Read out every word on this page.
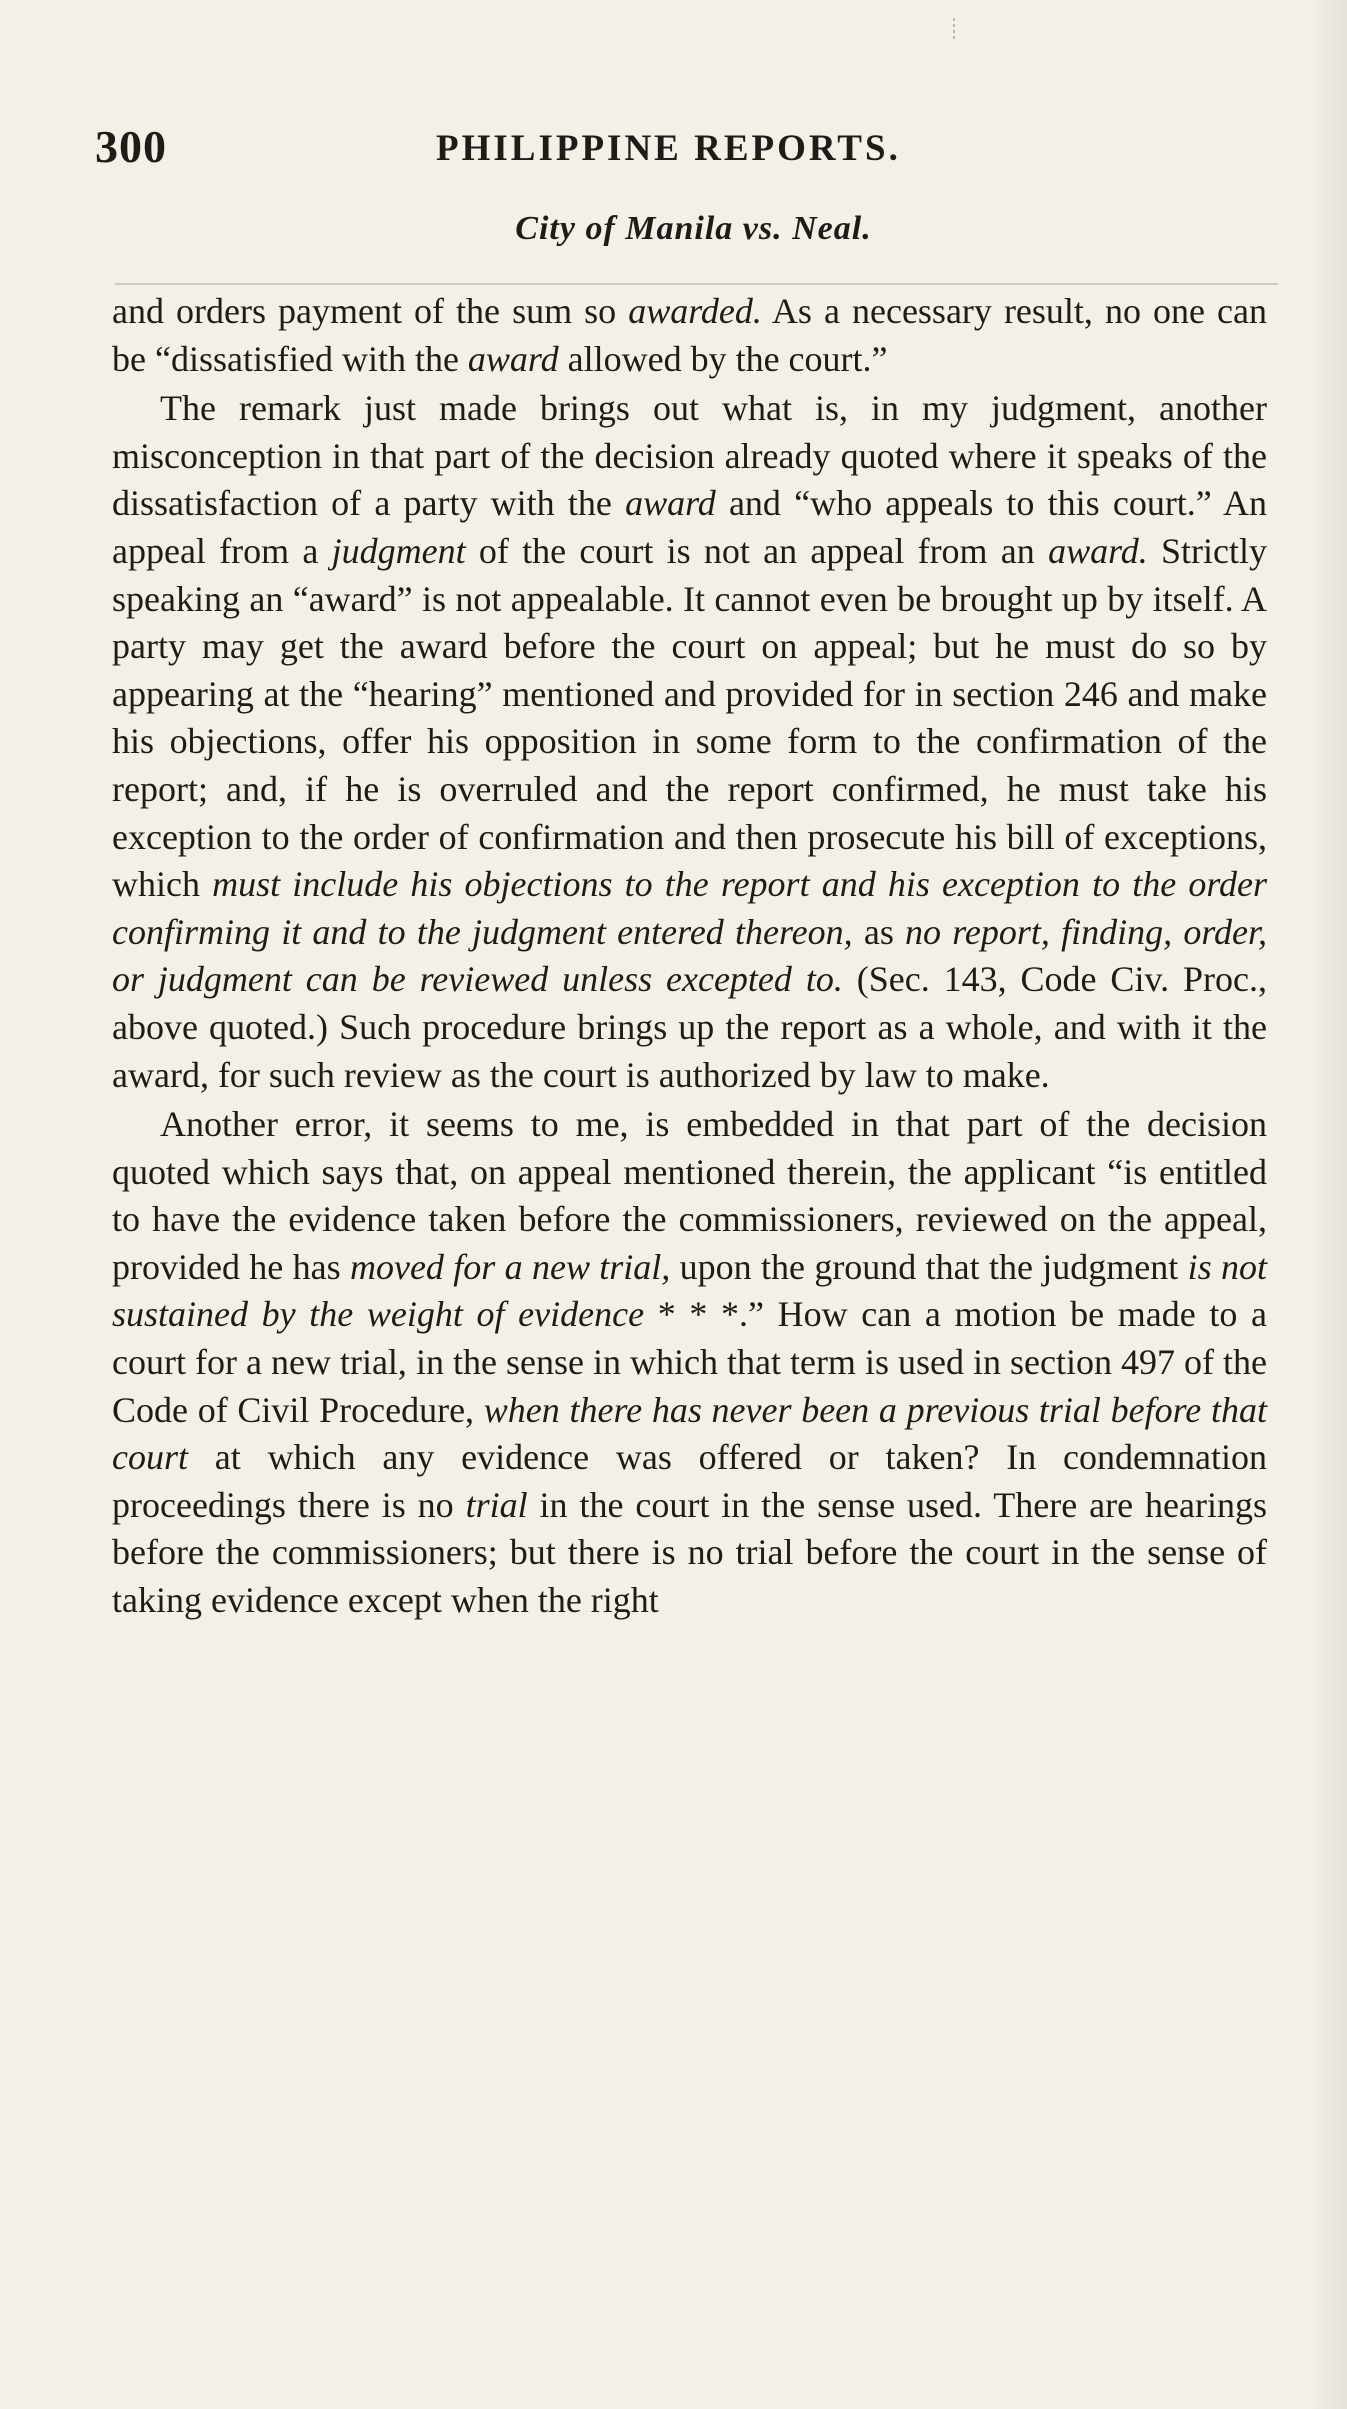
300	PHILIPPINE REPORTS.
City of Manila vs. Neal.

and orders payment of the sum so awarded. As a necessary result, no one can be “dissatisfied with the award allowed by the court.”

The remark just made brings out what is, in my judgment, another misconception in that part of the decision already quoted where it speaks of the dissatisfaction of a party with the award and “who appeals to this court.” An appeal from a judgment of the court is not an appeal from an award. Strictly speaking an “award” is not appealable. It cannot even be brought up by itself. A party may get the award before the court on appeal; but he must do so by appearing at the “hearing” mentioned and provided for in section 246 and make his objections, offer his opposition in some form to the confirmation of the report; and, if he is overruled and the report confirmed, he must take his exception to the order of confirmation and then prosecute his bill of exceptions, which must include his objections to the report and his exception to the order confirming it and to the judgment entered thereon, as no report, finding, order, or judgment can be reviewed unless excepted to. (Sec. 143, Code Civ. Proc., above quoted.) Such procedure brings up the report as a whole, and with it the award, for such review as the court is authorized by law to make.

Another error, it seems to me, is embedded in that part of the decision quoted which says that, on appeal mentioned therein, the applicant “is entitled to have the evidence taken before the commissioners, reviewed on the appeal, provided he has moved for a new trial, upon the ground that the judgment is not sustained by the weight of evidence * * *.” How can a motion be made to a court for a new trial, in the sense in which that term is used in section 497 of the Code of Civil Procedure, when there has never been a previous trial before that court at which any evidence was offered or taken? In condemnation proceedings there is no trial in the court in the sense used. There are hearings before the commissioners; but there is no trial before the court in the sense of taking evidence except when the right
